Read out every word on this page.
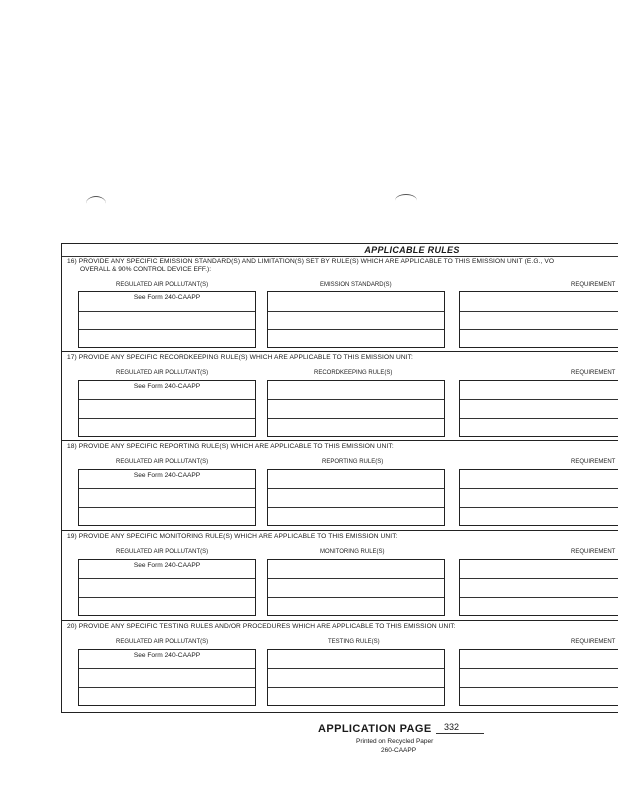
APPLICABLE RULES
16) PROVIDE ANY SPECIFIC EMISSION STANDARD(S) AND LIMITATION(S) SET BY RULE(S) WHICH ARE APPLICABLE TO THIS EMISSION UNIT (E.G., VO
OVERALL & 90% CONTROL DEVICE EFF.):
REGULATED AIR POLLUTANT(S)	EMISSION STANDARD(S)	REQUIREMENT
See Form 240-CAAPP
17) PROVIDE ANY SPECIFIC RECORDKEEPING RULE(S) WHICH ARE APPLICABLE TO THIS EMISSION UNIT:
REGULATED AIR POLLUTANT(S)	RECORDKEEPING RULE(S)	REQUIREMENT
See Form 240-CAAPP
18) PROVIDE ANY SPECIFIC REPORTING RULE(S) WHICH ARE APPLICABLE TO THIS EMISSION UNIT:
REGULATED AIR POLLUTANT(S)	REPORTING RULE(S)	REQUIREMENT
See Form 240-CAAPP
19) PROVIDE ANY SPECIFIC MONITORING RULE(S) WHICH ARE APPLICABLE TO THIS EMISSION UNIT:
REGULATED AIR POLLUTANT(S)	MONITORING RULE(S)	REQUIREMENT
See Form 240-CAAPP
20) PROVIDE ANY SPECIFIC TESTING RULES AND/OR PROCEDURES WHICH ARE APPLICABLE TO THIS EMISSION UNIT:
REGULATED AIR POLLUTANT(S)	TESTING RULE(S)	REQUIREMENT
See Form 240-CAAPP
APPLICATION PAGE 332
Printed on Recycled Paper
260-CAAPP
